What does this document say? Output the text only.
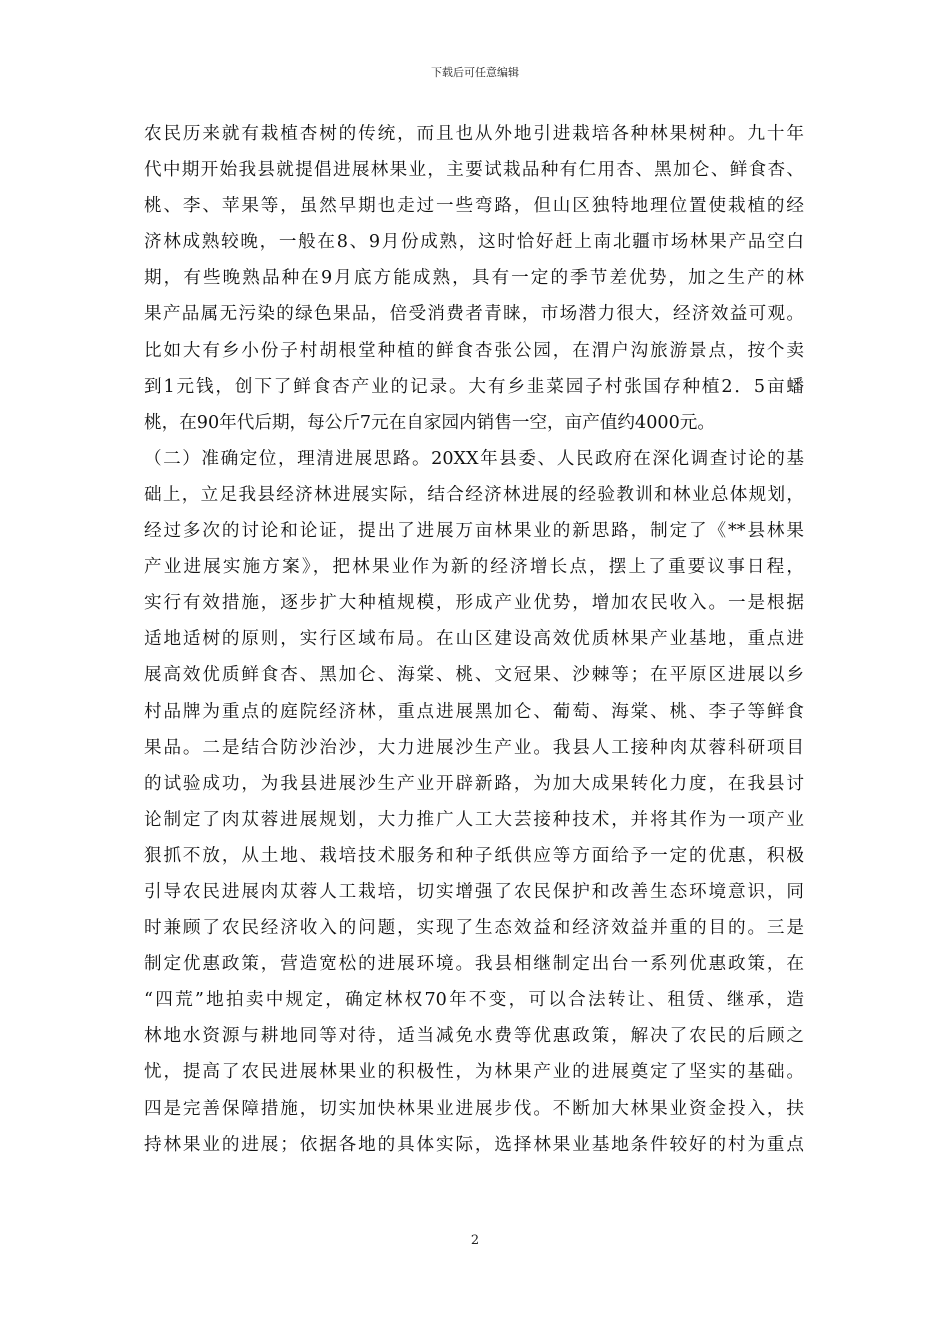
下载后可任意编辑
农民历来就有栽植杏树的传统，而且也从外地引进栽培各种林果树种。九十年
代中期开始我县就提倡进展林果业，主要试栽品种有仁用杏、黑加仑、鲜食杏、
桃、李、苹果等，虽然早期也走过一些弯路，但山区独特地理位置使栽植的经
济林成熟较晚，一般在8、9月份成熟，这时恰好赶上南北疆市场林果产品空白
期，有些晚熟品种在9月底方能成熟，具有一定的季节差优势，加之生产的林
果产品属无污染的绿色果品，倍受消费者青睐，市场潜力很大，经济效益可观。
比如大有乡小份子村胡根堂种植的鲜食杏张公园，在渭户沟旅游景点，按个卖
到1元钱，创下了鲜食杏产业的记录。大有乡韭菜园子村张国存种植2．5亩蟠
桃，在90年代后期，每公斤7元在自家园内销售一空，亩产值约4000元。
（二）准确定位，理清进展思路。20XX年县委、人民政府在深化调查讨论的基
础上，立足我县经济林进展实际，结合经济林进展的经验教训和林业总体规划，
经过多次的讨论和论证，提出了进展万亩林果业的新思路，制定了《**县林果
产业进展实施方案》，把林果业作为新的经济增长点，摆上了重要议事日程，
实行有效措施，逐步扩大种植规模，形成产业优势，增加农民收入。一是根据
适地适树的原则，实行区域布局。在山区建设高效优质林果产业基地，重点进
展高效优质鲜食杏、黑加仑、海棠、桃、文冠果、沙棘等；在平原区进展以乡
村品牌为重点的庭院经济林，重点进展黑加仑、葡萄、海棠、桃、李子等鲜食
果品。二是结合防沙治沙，大力进展沙生产业。我县人工接种肉苁蓉科研项目
的试验成功，为我县进展沙生产业开辟新路，为加大成果转化力度，在我县讨
论制定了肉苁蓉进展规划，大力推广人工大芸接种技术，并将其作为一项产业
狠抓不放，从土地、栽培技术服务和种子纸供应等方面给予一定的优惠，积极
引导农民进展肉苁蓉人工栽培，切实增强了农民保护和改善生态环境意识，同
时兼顾了农民经济收入的问题，实现了生态效益和经济效益并重的目的。三是
制定优惠政策，营造宽松的进展环境。我县相继制定出台一系列优惠政策，在
“四荒”地拍卖中规定，确定林权70年不变，可以合法转让、租赁、继承，造
林地水资源与耕地同等对待，适当减免水费等优惠政策，解决了农民的后顾之
忧，提高了农民进展林果业的积极性，为林果产业的进展奠定了坚实的基础。
四是完善保障措施，切实加快林果业进展步伐。不断加大林果业资金投入，扶
持林果业的进展；依据各地的具体实际，选择林果业基地条件较好的村为重点
2
